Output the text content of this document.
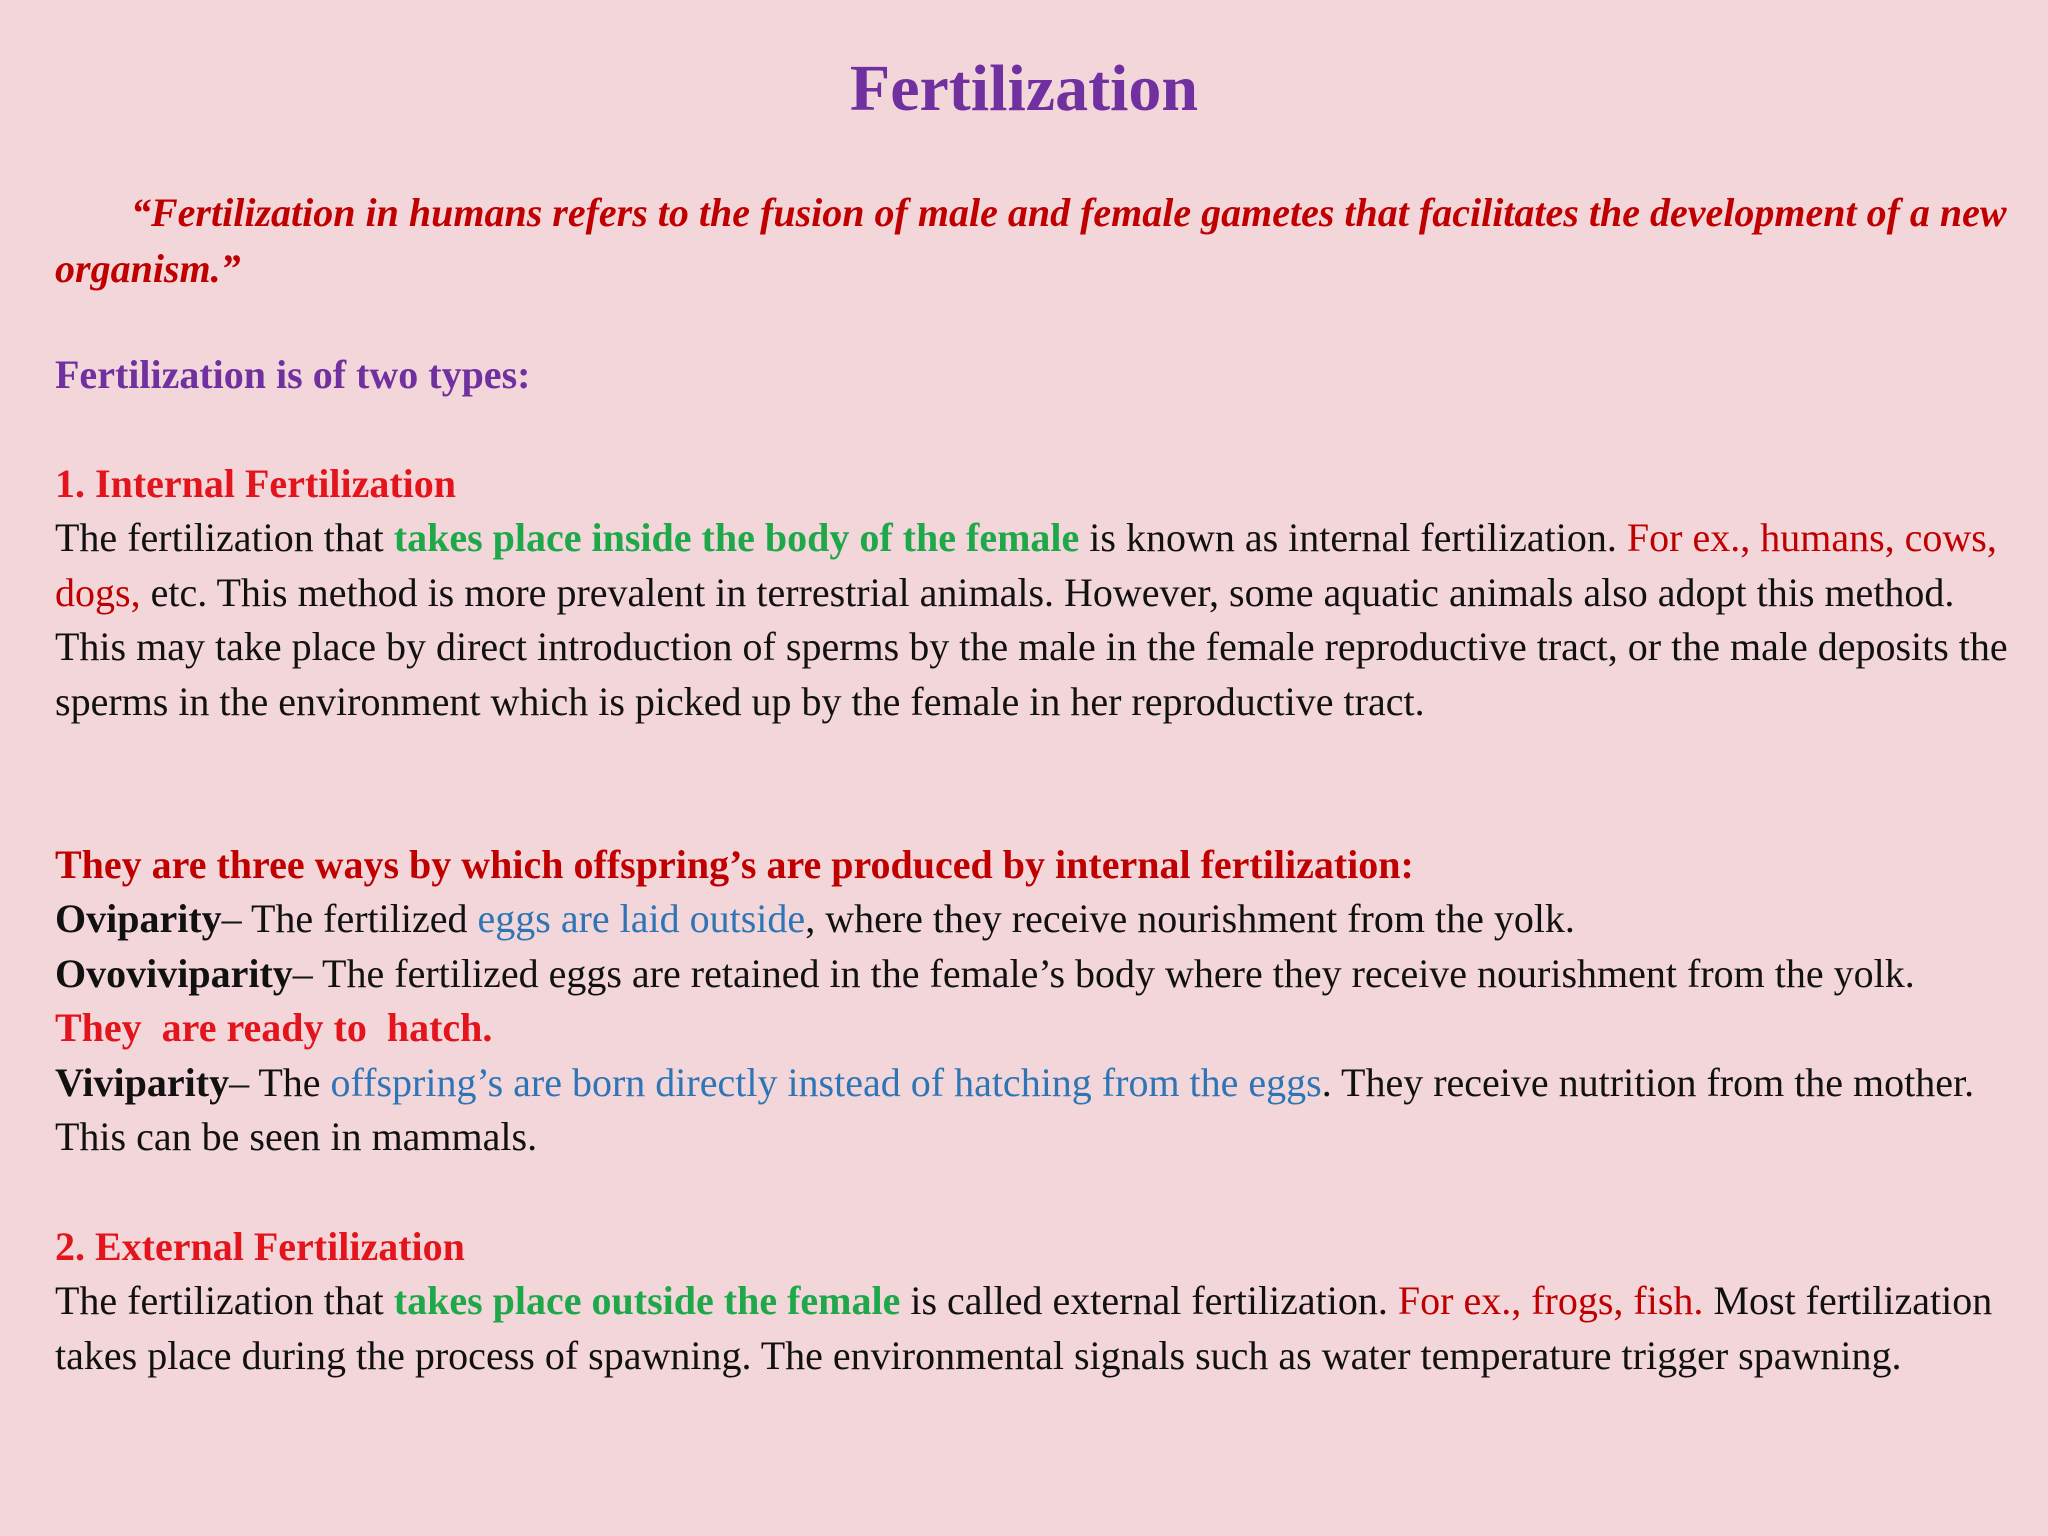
Fertilization

“Fertilization in humans refers to the fusion of male and female gametes that facilitates the development of a new organism.”

Fertilization is of two types:

1. Internal Fertilization

The fertilization that takes place inside the body of the female is known as internal fertilization. For ex., humans, cows, dogs, etc. This method is more prevalent in terrestrial animals. However, some aquatic animals also adopt this method. This may take place by direct introduction of sperms by the male in the female reproductive tract, or the male deposits the sperms in the environment which is picked up by the female in her reproductive tract.

They are three ways by which offspring’s are produced by internal fertilization:

Oviparity– The fertilized eggs are laid outside, where they receive nourishment from the yolk.

Ovoviviparity– The fertilized eggs are retained in the female’s body where they receive nourishment from the yolk. They  are ready to  hatch.

Viviparity– The offspring’s are born directly instead of hatching from the eggs. They receive nutrition from the mother. This can be seen in mammals.

2. External Fertilization

The fertilization that takes place outside the female is called external fertilization. For ex., frogs, fish. Most fertilization takes place during the process of spawning. The environmental signals such as water temperature trigger spawning.
